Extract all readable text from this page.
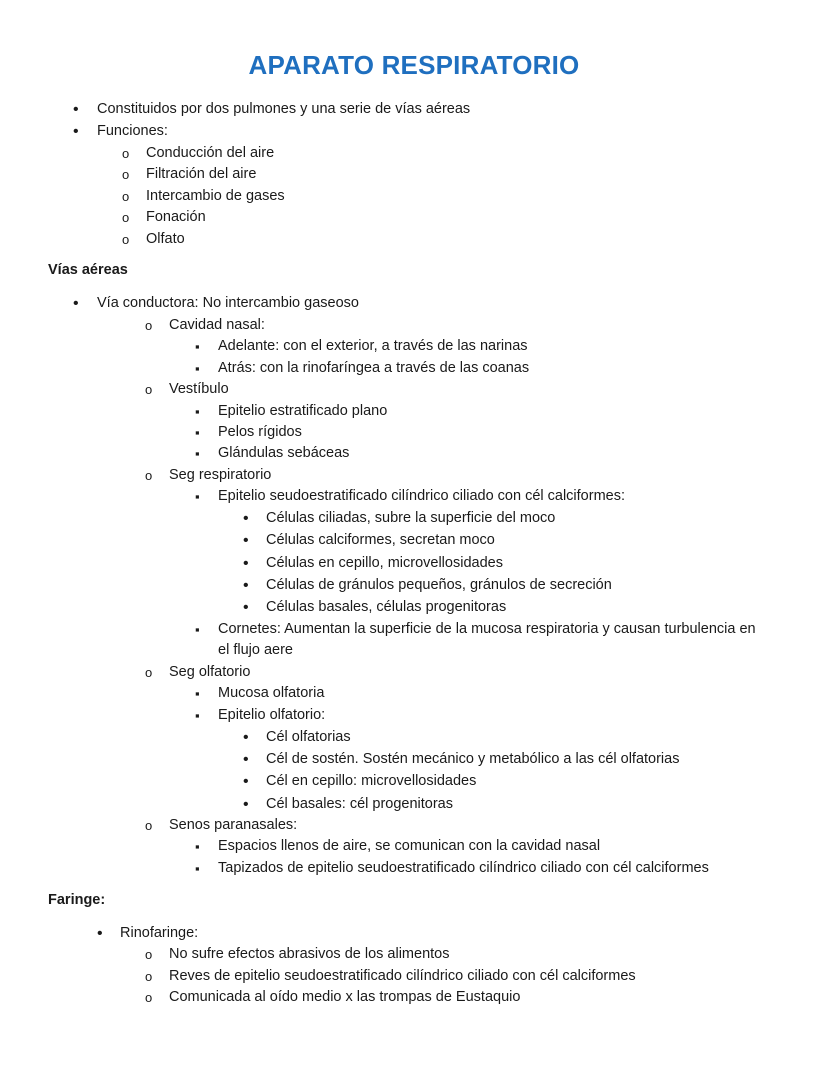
APARATO RESPIRATORIO
•
Constituidos por dos pulmones y una serie de vías aéreas
•
Funciones:
o
Conducción del aire
o
Filtración del aire
o
Intercambio de gases
o
Fonación
o
Olfato
Vías aéreas
•
Vía conductora: No intercambio gaseoso
o
Cavidad nasal:
▪
Adelante: con el exterior, a través de las narinas
▪
Atrás: con la rinofaríngea a través de las coanas
o
Vestíbulo
▪
Epitelio estratificado plano
▪
Pelos rígidos
▪
Glándulas sebáceas
o
Seg respiratorio
▪
Epitelio seudoestratificado cilíndrico ciliado con cél calciformes:
•
Células ciliadas, subre la superficie del moco
•
Células calciformes, secretan moco
•
Células en cepillo, microvellosidades
•
Células de gránulos pequeños, gránulos de secreción
•
Células basales, células progenitoras
▪
Cornetes: Aumentan la superficie de la mucosa respiratoria y causan turbulencia en
el flujo aere
o
Seg olfatorio
▪
Mucosa olfatoria
▪
Epitelio olfatorio:
•
Cél olfatorias
•
Cél de sostén. Sostén mecánico y metabólico a las cél olfatorias
•
Cél en cepillo: microvellosidades
•
Cél basales: cél progenitoras
o
Senos paranasales:
▪
Espacios llenos de aire, se comunican con la cavidad nasal
▪
Tapizados de epitelio seudoestratificado cilíndrico ciliado con cél calciformes
Faringe:
•
Rinofaringe:
o
No sufre efectos abrasivos de los alimentos
o
Reves de epitelio seudoestratificado cilíndrico ciliado con cél calciformes
o
Comunicada al oído medio x las trompas de Eustaquio
